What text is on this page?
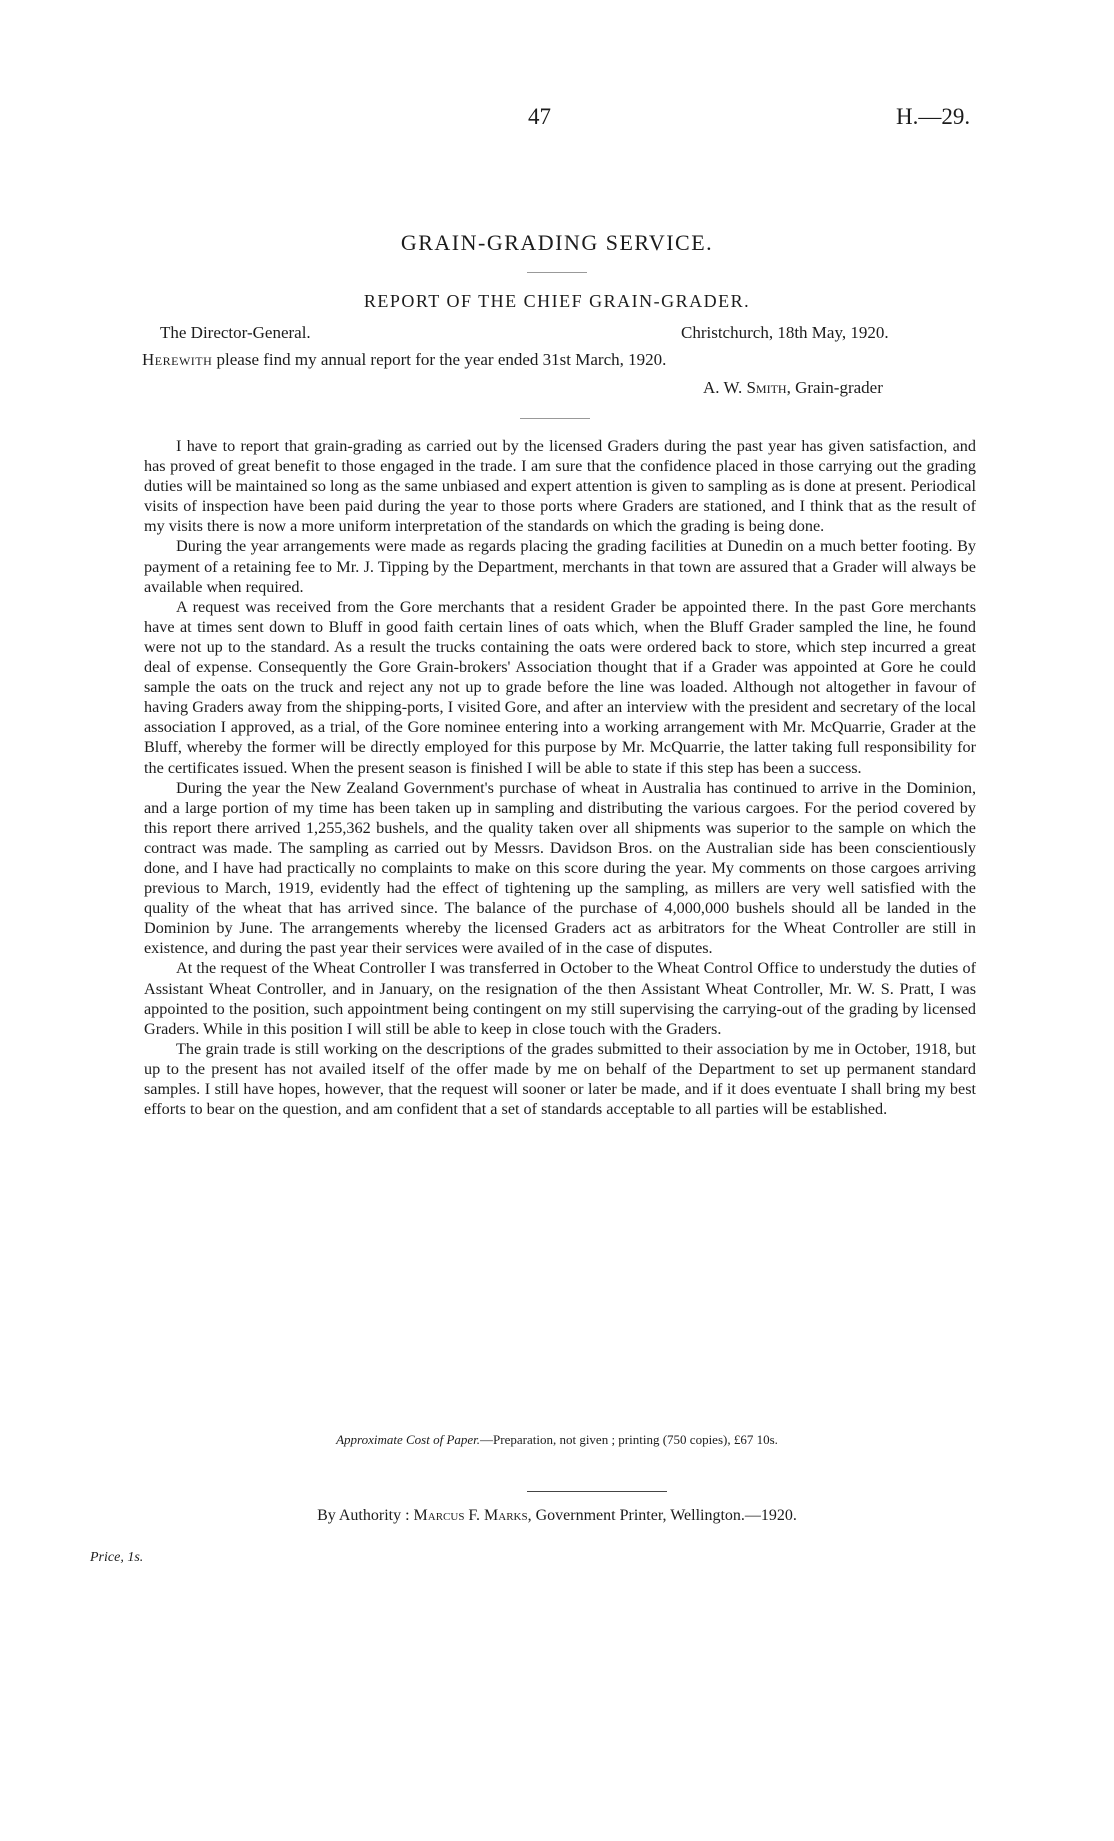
47	H.—29.
GRAIN-GRADING SERVICE.
REPORT OF THE CHIEF GRAIN-GRADER.
The Director-General.	Christchurch, 18th May, 1920.
Herewith please find my annual report for the year ended 31st March, 1920.
A. W. Smith, Grain-grader

I have to report that grain-grading as carried out by the licensed Graders during the past year has given satisfaction, and has proved of great benefit to those engaged in the trade. I am sure that the confidence placed in those carrying out the grading duties will be maintained so long as the same unbiased and expert attention is given to sampling as is done at present. Periodical visits of inspection have been paid during the year to those ports where Graders are stationed, and I think that as the result of my visits there is now a more uniform interpretation of the standards on which the grading is being done.

During the year arrangements were made as regards placing the grading facilities at Dunedin on a much better footing. By payment of a retaining fee to Mr. J. Tipping by the Department, merchants in that town are assured that a Grader will always be available when required.

A request was received from the Gore merchants that a resident Grader be appointed there. In the past Gore merchants have at times sent down to Bluff in good faith certain lines of oats which, when the Bluff Grader sampled the line, he found were not up to the standard. As a result the trucks containing the oats were ordered back to store, which step incurred a great deal of expense. Consequently the Gore Grain-brokers' Association thought that if a Grader was appointed at Gore he could sample the oats on the truck and reject any not up to grade before the line was loaded. Although not altogether in favour of having Graders away from the shipping-ports, I visited Gore, and after an interview with the president and secretary of the local association I approved, as a trial, of the Gore nominee entering into a working arrangement with Mr. McQuarrie, Grader at the Bluff, whereby the former will be directly employed for this purpose by Mr. McQuarrie, the latter taking full responsibility for the certificates issued. When the present season is finished I will be able to state if this step has been a success.

During the year the New Zealand Government's purchase of wheat in Australia has continued to arrive in the Dominion, and a large portion of my time has been taken up in sampling and distributing the various cargoes. For the period covered by this report there arrived 1,255,362 bushels, and the quality taken over all shipments was superior to the sample on which the contract was made. The sampling as carried out by Messrs. Davidson Bros. on the Australian side has been conscientiously done, and I have had practically no complaints to make on this score during the year. My comments on those cargoes arriving previous to March, 1919, evidently had the effect of tightening up the sampling, as millers are very well satisfied with the quality of the wheat that has arrived since. The balance of the purchase of 4,000,000 bushels should all be landed in the Dominion by June. The arrangements whereby the licensed Graders act as arbitrators for the Wheat Controller are still in existence, and during the past year their services were availed of in the case of disputes.

At the request of the Wheat Controller I was transferred in October to the Wheat Control Office to understudy the duties of Assistant Wheat Controller, and in January, on the resignation of the then Assistant Wheat Controller, Mr. W. S. Pratt, I was appointed to the position, such appointment being contingent on my still supervising the carrying-out of the grading by licensed Graders. While in this position I will still be able to keep in close touch with the Graders.

The grain trade is still working on the descriptions of the grades submitted to their association by me in October, 1918, but up to the present has not availed itself of the offer made by me on behalf of the Department to set up permanent standard samples. I still have hopes, however, that the request will sooner or later be made, and if it does eventuate I shall bring my best efforts to bear on the question, and am confident that a set of standards acceptable to all parties will be established.

Approximate Cost of Paper.—Preparation, not given ; printing (750 copies), £67 10s.
By Authority : Marcus F. Marks, Government Printer, Wellington.—1920.
Price, 1s.
